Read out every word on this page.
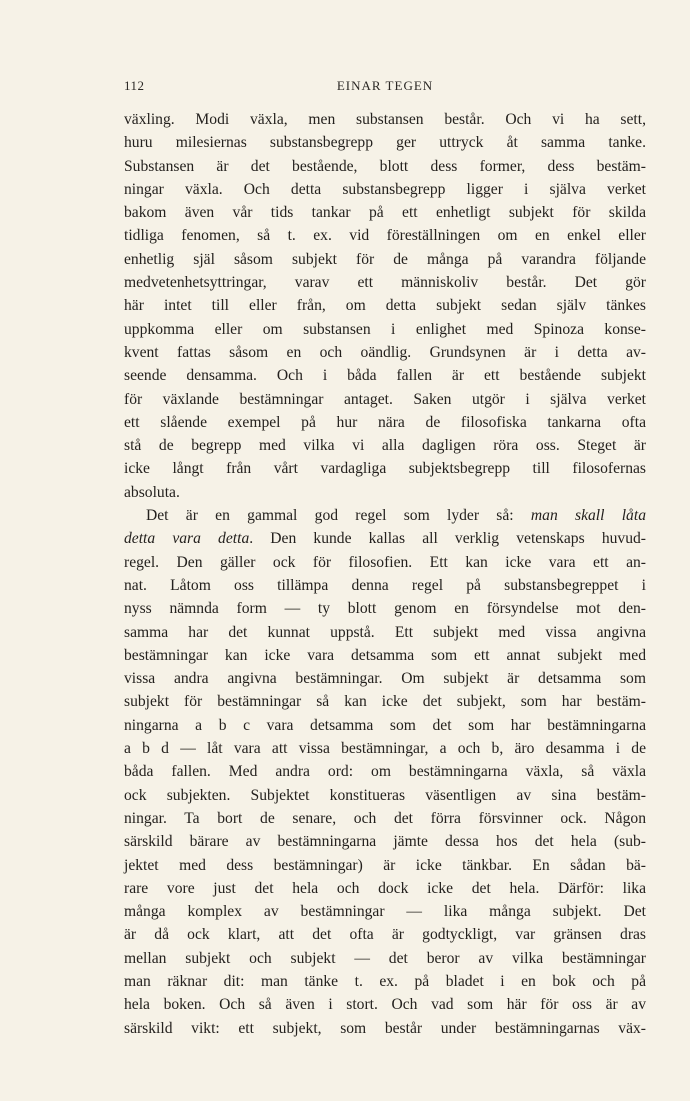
112	EINAR TEGEN
växling. Modi växla, men substansen består. Och vi ha sett,
huru milesiernas substansbegrepp ger uttryck åt samma tanke.
Substansen är det bestående, blott dess former, dess bestäm-
ningar växla. Och detta substansbegrepp ligger i själva verket
bakom även vår tids tankar på ett enhetligt subjekt för skilda
tidliga fenomen, så t. ex. vid föreställningen om en enkel eller
enhetlig själ såsom subjekt för de många på varandra följande
medvetenhetsyttringar, varav ett människoliv består. Det gör
här intet till eller från, om detta subjekt sedan själv tänkes
uppkomma eller om substansen i enlighet med Spinoza konse-
kvent fattas såsom en och oändlig. Grundsynen är i detta av-
seende densamma. Och i båda fallen är ett bestående subjekt
för växlande bestämningar antaget. Saken utgör i själva verket
ett slående exempel på hur nära de filosofiska tankarna ofta
stå de begrepp med vilka vi alla dagligen röra oss. Steget är
icke långt från vårt vardagliga subjektsbegrepp till filosofernas
absoluta.
Det är en gammal god regel som lyder så: man skall låta
detta vara detta. Den kunde kallas all verklig vetenskaps huvud-
regel. Den gäller ock för filosofien. Ett kan icke vara ett an-
nat. Låtom oss tillämpa denna regel på substansbegreppet i
nyss nämnda form — ty blott genom en försyndelse mot den-
samma har det kunnat uppstå. Ett subjekt med vissa angivna
bestämningar kan icke vara detsamma som ett annat subjekt med
vissa andra angivna bestämningar. Om subjekt är detsamma som
subjekt för bestämningar så kan icke det subjekt, som har bestäm-
ningarna a b c vara detsamma som det som har bestämningarna
a b d — låt vara att vissa bestämningar, a och b, äro desamma i de
båda fallen. Med andra ord: om bestämningarna växla, så växla
ock subjekten. Subjektet konstitueras väsentligen av sina bestäm-
ningar. Ta bort de senare, och det förra försvinner ock. Någon
särskild bärare av bestämningarna jämte dessa hos det hela (sub-
jektet med dess bestämningar) är icke tänkbar. En sådan bä-
rare vore just det hela och dock icke det hela. Därför: lika
många komplex av bestämningar — lika många subjekt. Det
är då ock klart, att det ofta är godtyckligt, var gränsen dras
mellan subjekt och subjekt — det beror av vilka bestämningar
man räknar dit: man tänke t. ex. på bladet i en bok och på
hela boken. Och så även i stort. Och vad som här för oss är av
särskild vikt: ett subjekt, som består under bestämningarnas väx-
